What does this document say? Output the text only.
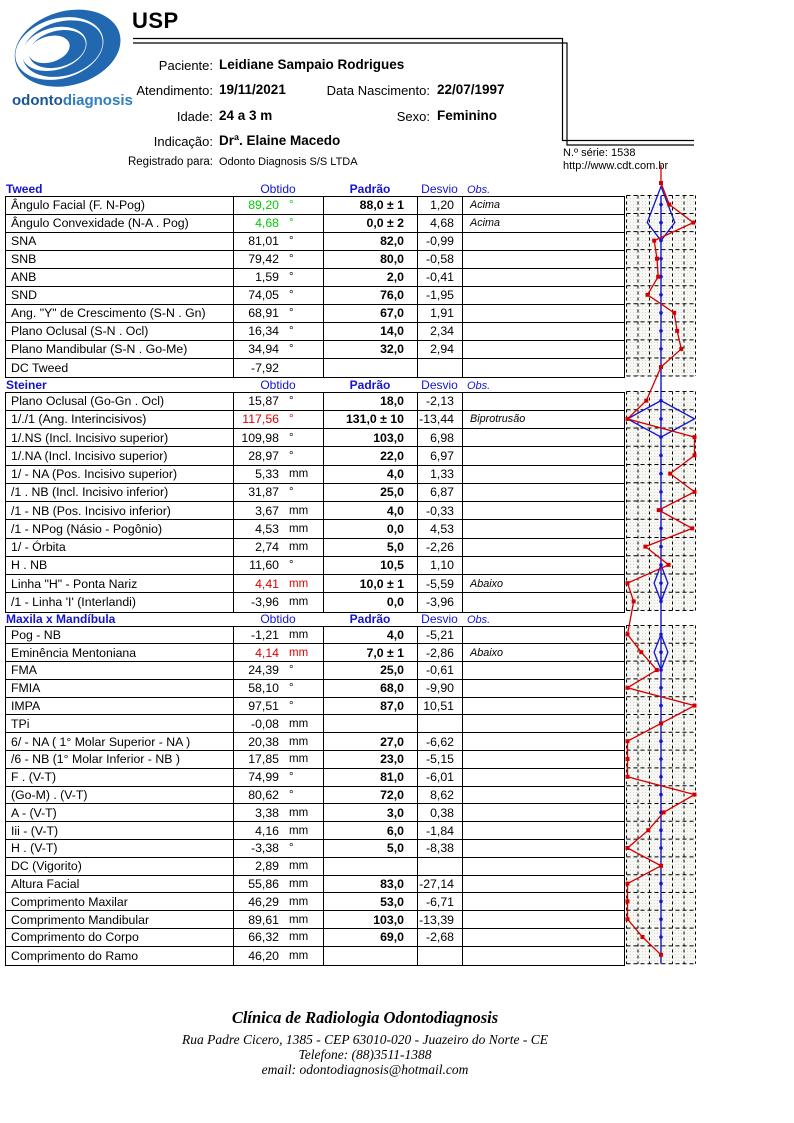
odontodiagnosis
USP
Paciente: Leidiane Sampaio Rodrigues
Atendimento: 19/11/2021	Data Nascimento: 22/07/1997
Idade: 24 a 3 m	Sexo: Feminino
Indicação: Drª. Elaine Macedo
Registrado para: Odonto Diagnosis S/S LTDA
N.º série: 1538
http://www.cdt.com.br
Tweed	Obtido	Padrão	Desvio Obs.
Ângulo Facial (F. N-Pog)	89,20 °	88,0 ± 1	1,20	Acima
Ângulo Convexidade (N-A . Pog)	4,68 °	0,0 ± 2	4,68	Acima
SNA	81,01 °	82,0	-0,99
SNB	79,42 °	80,0	-0,58
ANB	1,59 °	2,0	-0,41
SND	74,05 °	76,0	-1,95
Ang. "Y" de Crescimento (S-N . Gn)	68,91 °	67,0	1,91
Plano Oclusal (S-N . Ocl)	16,34 °	14,0	2,34
Plano Mandibular (S-N . Go-Me)	34,94 °	32,0	2,94
DC Tweed	-7,92
Steiner	Obtido	Padrão	Desvio Obs.
Plano Oclusal (Go-Gn . Ocl)	15,87 °	18,0	-2,13
1/./1 (Ang. Interincisivos)	117,56 °	131,0 ± 10	-13,44	Biprotrusão
1/.NS (Incl. Incisivo superior)	109,98 °	103,0	6,98
1/.NA (Incl. Incisivo superior)	28,97 °	22,0	6,97
1/ - NA (Pos. Incisivo superior)	5,33 mm	4,0	1,33
/1 . NB (Incl. Incisivo inferior)	31,87 °	25,0	6,87
/1 - NB (Pos. Incisivo inferior)	3,67 mm	4,0	-0,33
/1 - NPog (Násio - Pogônio)	4,53 mm	0,0	4,53
1/ - Órbita	2,74 mm	5,0	-2,26
H . NB	11,60 °	10,5	1,10
Linha "H" - Ponta Nariz	4,41 mm	10,0 ± 1	-5,59	Abaixo
/1 - Linha 'I' (Interlandi)	-3,96 mm	0,0	-3,96
Maxila x Mandíbula	Obtido	Padrão	Desvio Obs.
Pog - NB	-1,21 mm	4,0	-5,21
Eminência Mentoniana	4,14 mm	7,0 ± 1	-2,86	Abaixo
FMA	24,39 °	25,0	-0,61
FMIA	58,10 °	68,0	-9,90
IMPA	97,51 °	87,0	10,51
TPi	-0,08 mm
6/ - NA ( 1° Molar Superior - NA )	20,38 mm	27,0	-6,62
/6 - NB (1° Molar Inferior - NB )	17,85 mm	23,0	-5,15
F . (V-T)	74,99 °	81,0	-6,01
(Go-M) . (V-T)	80,62 °	72,0	8,62
A - (V-T)	3,38 mm	3,0	0,38
Iii - (V-T)	4,16 mm	6,0	-1,84
H . (V-T)	-3,38 °	5,0	-8,38
DC (Vigorito)	2,89 mm
Altura Facial	55,86 mm	83,0	-27,14
Comprimento Maxilar	46,29 mm	53,0	-6,71
Comprimento Mandibular	89,61 mm	103,0	-13,39
Comprimento do Corpo	66,32 mm	69,0	-2,68
Comprimento do Ramo	46,20 mm
Clínica de Radiologia Odontodiagnosis
Rua Padre Cicero, 1385 - CEP 63010-020 - Juazeiro do Norte - CE
Telefone: (88)3511-1388
email: odontodiagnosis@hotmail.com
